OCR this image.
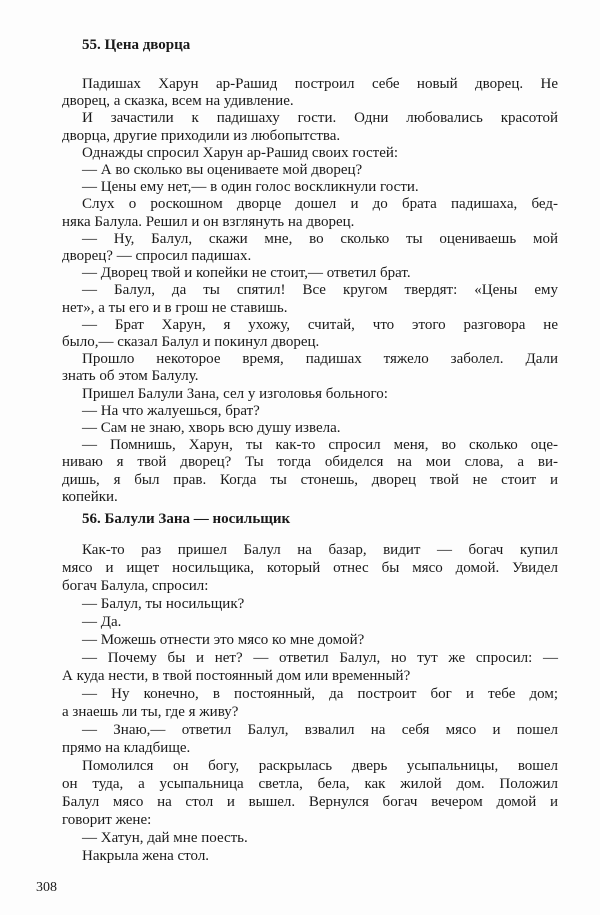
55. Цена дворца
56. Балули Зана — носильщик
308
Падишах Харун ар-Рашид построил себе новый дворец. Не
дворец, а сказка, всем на удивление.
И зачастили к падишаху гости. Одни любовались красотой
дворца, другие приходили из любопытства.
Однажды спросил Харун ар-Рашид своих гостей:
— А во сколько вы оцениваете мой дворец?
— Цены ему нет,— в один голос воскликнули гости.
Слух о роскошном дворце дошел и до брата падишаха, бед-
няка Балула. Решил и он взглянуть на дворец.
— Ну, Балул, скажи мне, во сколько ты оцениваешь мой
дворец? — спросил падишах.
— Дворец твой и копейки не стоит,— ответил брат.
— Балул, да ты спятил! Все кругом твердят: «Цены ему
нет», а ты его и в грош не ставишь.
— Брат Харун, я ухожу, считай, что этого разговора не
было,— сказал Балул и покинул дворец.
Прошло некоторое время, падишах тяжело заболел. Дали
знать об этом Балулу.
Пришел Балули Зана, сел у изголовья больного:
— На что жалуешься, брат?
— Сам не знаю, хворь всю душу извела.
— Помнишь, Харун, ты как-то спросил меня, во сколько оце-
ниваю я твой дворец? Ты тогда обиделся на мои слова, а ви-
дишь, я был прав. Когда ты стонешь, дворец твой не стоит и
копейки.
Как-то раз пришел Балул на базар, видит — богач купил
мясо и ищет носильщика, который отнес бы мясо домой. Увидел
богач Балула, спросил:
— Балул, ты носильщик?
— Да.
— Можешь отнести это мясо ко мне домой?
— Почему бы и нет? — ответил Балул, но тут же спросил: —
А куда нести, в твой постоянный дом или временный?
— Ну конечно, в постоянный, да построит бог и тебе дом;
а знаешь ли ты, где я живу?
— Знаю,— ответил Балул, взвалил на себя мясо и пошел
прямо на кладбище.
Помолился он богу, раскрылась дверь усыпальницы, вошел
он туда, а усыпальница светла, бела, как жилой дом. Положил
Балул мясо на стол и вышел. Вернулся богач вечером домой и
говорит жене:
— Хатун, дай мне поесть.
Накрыла жена стол.
